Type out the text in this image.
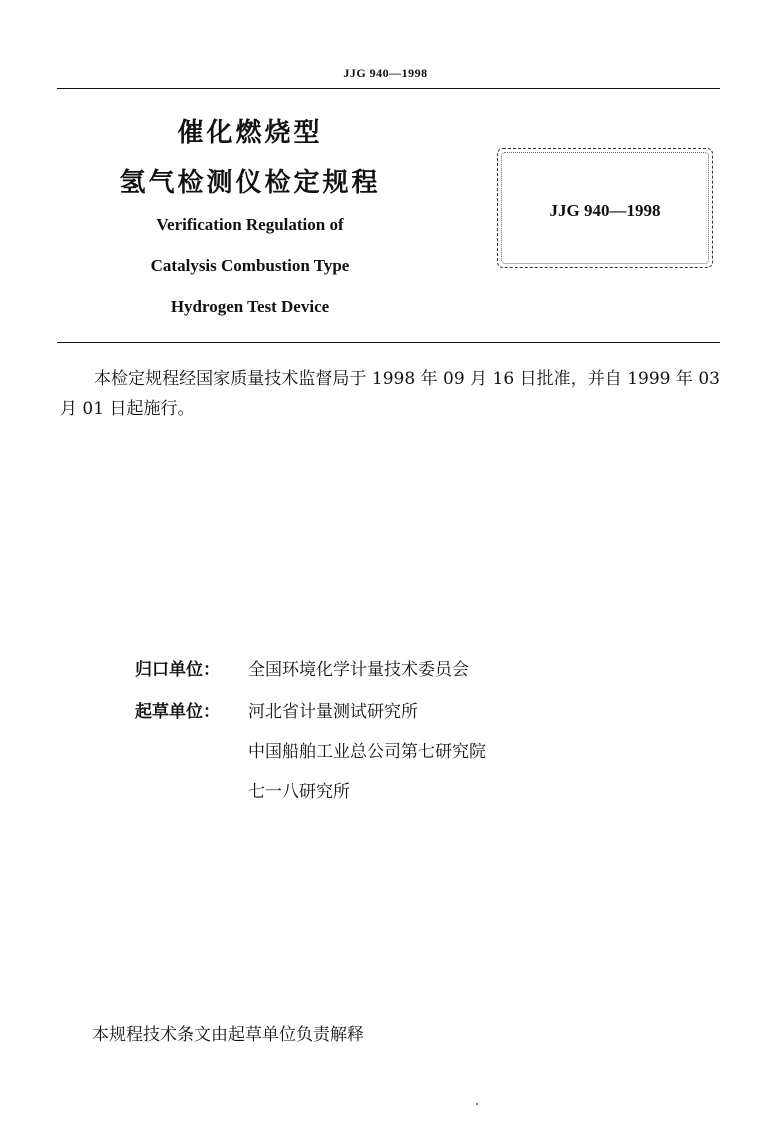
JJG 940—1998
催化燃烧型
氢气检测仪检定规程
Verification Regulation of
Catalysis Combustion Type
Hydrogen Test Device
JJG 940—1998
本检定规程经国家质量技术监督局于 1998 年 09 月 16 日批准，并自 1999 年 03 月 01 日起施行。
归口单位：	全国环境化学计量技术委员会
起草单位：	河北省计量测试研究所
中国船舶工业总公司第七研究院
七一八研究所
本规程技术条文由起草单位负责解释
